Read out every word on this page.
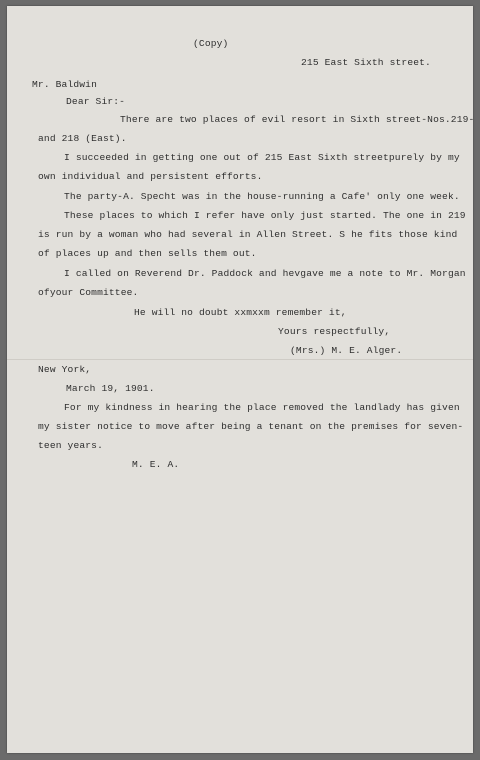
(Copy)
215 East Sixth street.
Mr. Baldwin
Dear Sir:-
There are two places of evil resort in Sixth street-Nos.219-
and 218 (East).
I succeeded in getting one out of 215 East Sixth streetpurely by my
own individual and persistent efforts.
The party-A. Specht was in the house-running a Cafe' only one week.
These places to which I refer have only just started. The one in 219
is run by a woman who had several in Allen Street. S he fits those kind
of places up and then sells them out.
I called on Reverend Dr. Paddock and hevgave me a note to Mr. Morgan
ofyour Committee.
He will no doubt xxmxxm remember it,
Yours respectfully,
(Mrs.) M. E. Alger.
New York,
March 19, 1901.
For my kindness in hearing the place removed the landlady has given
my sister notice to move after being a tenant on the premises for seven-
teen years.
M. E. A.
